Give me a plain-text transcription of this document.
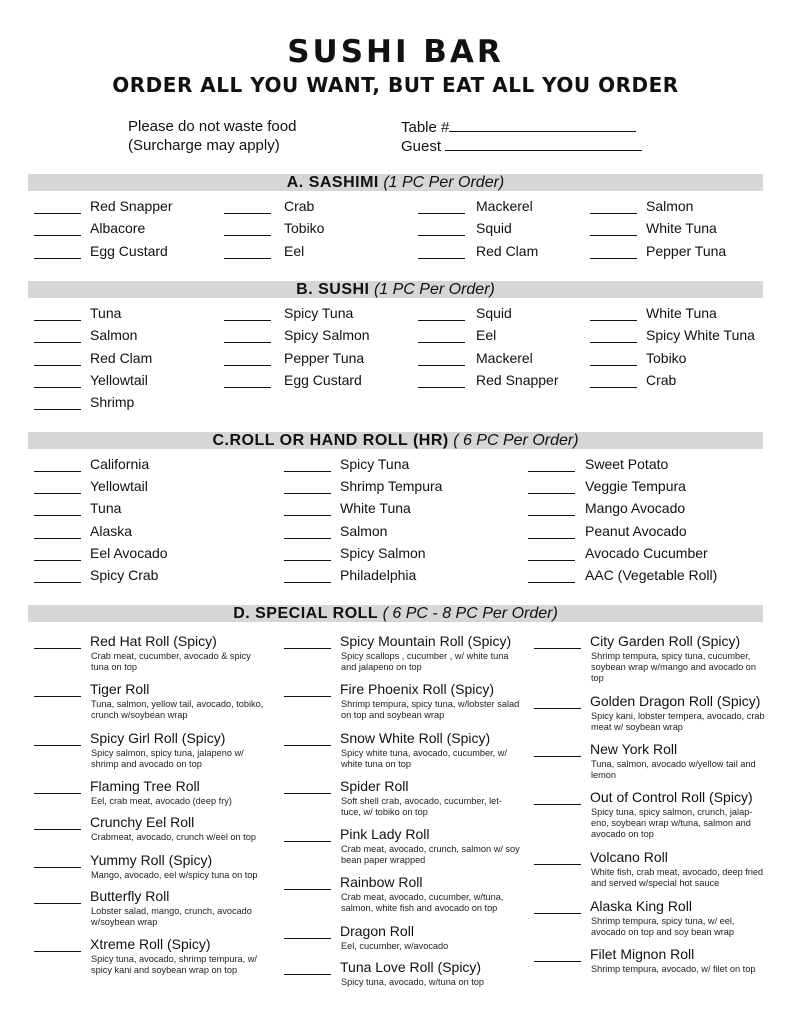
SUSHI BAR
ORDER ALL YOU WANT, BUT EAT ALL YOU ORDER
Please do not waste food
(Surcharge may apply)
Table #
Guest
A. SASHIMI (1 PC Per Order)
Red Snapper
Albacore
Egg Custard
Crab
Tobiko
Eel
Mackerel
Squid
Red Clam
Salmon
White Tuna
Pepper Tuna
B. SUSHI (1 PC Per Order)
Tuna
Salmon
Red Clam
Yellowtail
Shrimp
Spicy Tuna
Spicy Salmon
Pepper Tuna
Egg Custard
Squid
Eel
Mackerel
Red Snapper
White Tuna
Spicy White Tuna
Tobiko
Crab
C.ROLL OR HAND ROLL (HR) ( 6 PC Per Order)
California
Yellowtail
Tuna
Alaska
Eel Avocado
Spicy Crab
Spicy Tuna
Shrimp Tempura
White Tuna
Salmon
Spicy Salmon
Philadelphia
Sweet Potato
Veggie Tempura
Mango Avocado
Peanut Avocado
Avocado Cucumber
AAC (Vegetable Roll)
D. SPECIAL ROLL ( 6 PC - 8 PC Per Order)
Red Hat Roll (Spicy)
Crab meat, cucumber, avocado & spicy tuna on top
Tiger Roll
Tuna, salmon, yellow tail, avocado, tobiko, crunch w/soybean wrap
Spicy Girl Roll (Spicy)
Spicy salmon, spicy tuna, jalapeno w/ shrimp and avocado on top
Flaming Tree Roll
Eel, crab meat, avocado (deep fry)
Crunchy Eel Roll
Crabmeat, avocado, crunch w/eel on top
Yummy Roll (Spicy)
Mango, avocado, eel w/spicy tuna on top
Butterfly Roll
Lobster salad, mango, crunch, avocado w/soybean wrap
Xtreme Roll (Spicy)
Spicy tuna, avocado, shrimp tempura, w/ spicy kani and soybean wrap on top
Spicy Mountain Roll (Spicy)
Spicy scallops , cucumber , w/ white tuna and jalapeno on top
Fire Phoenix Roll (Spicy)
Shrimp tempura, spicy tuna, w/lobster salad on top and soybean wrap
Snow White Roll (Spicy)
Spicy white tuna, avocado, cucumber, w/ white tuna on top
Spider Roll
Soft shell crab, avocado, cucumber, let- tuce, w/ tobiko on top
Pink Lady Roll
Crab meat, avocado, crunch, salmon w/ soy bean paper wrapped
Rainbow Roll
Crab meat, avocado, cucumber, w/tuna, salmon, white fish and avocado on top
Dragon Roll
Eel, cucumber, w/avocado
Tuna Love Roll (Spicy)
Spicy tuna, avocado, w/tuna on top
City Garden Roll (Spicy)
Shrimp tempura, spicy tuna, cucumber, soybean wrap w/mango and avocado on top
Golden Dragon Roll (Spicy)
Spicy kani, lobster tempera, avocado, crab meat w/ soybean wrap
New York Roll
Tuna, salmon, avocado w/yellow tail and lemon
Out of Control Roll (Spicy)
Spicy tuna, spicy salmon, crunch, jalap- eno, soybean wrap w/tuna, salmon and avocado on top
Volcano Roll
White fish, crab meat, avocado, deep fried and served w/special hot sauce
Alaska King Roll
Shrimp tempura, spicy tuna, w/ eel, avocado on top and soy bean wrap
Filet Mignon Roll
Shrimp tempura, avocado, w/ filet on top
